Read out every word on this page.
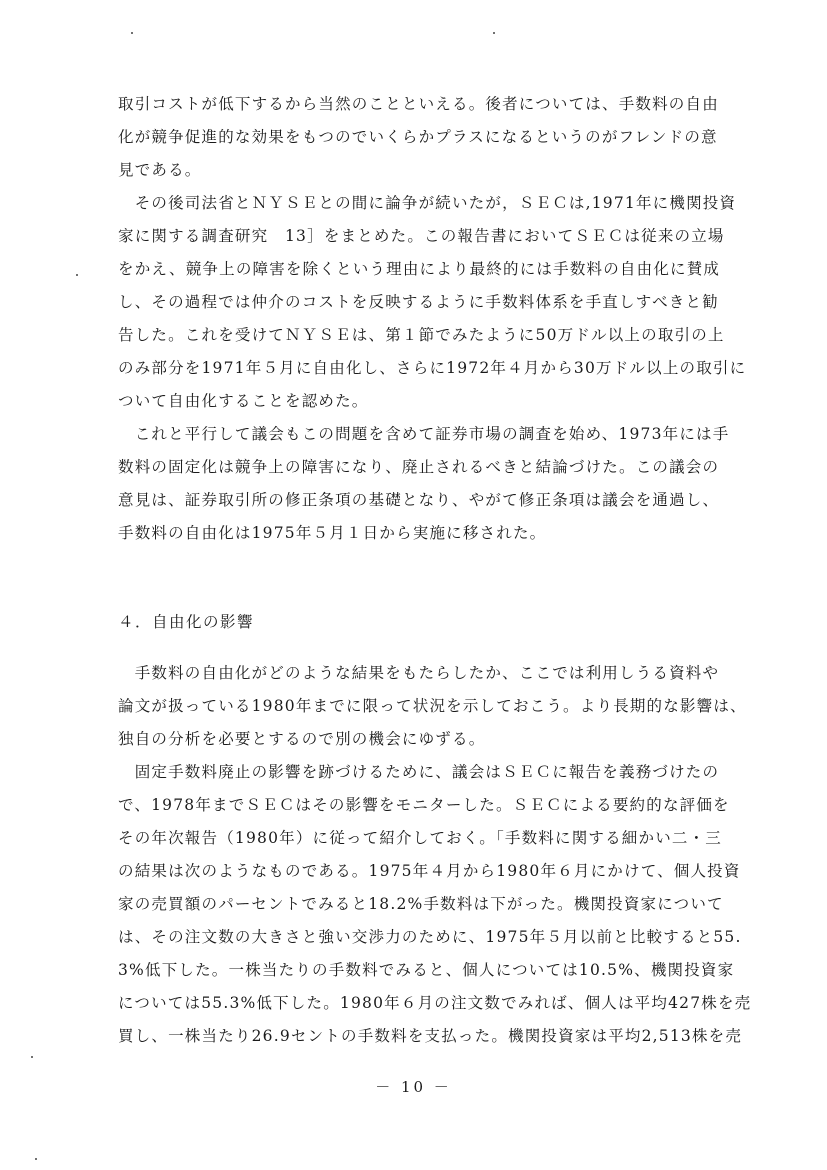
取引コストが低下するから当然のことといえる。後者については、手数料の自由
化が競争促進的な効果をもつのでいくらかプラスになるというのがフレンドの意
見である。
　その後司法省とＮＹＳＥとの間に論争が続いたが，ＳＥＣは,1971年に機関投資
家に関する調査研究　13］をまとめた。この報告書においてＳＥＣは従来の立場
をかえ、競争上の障害を除くという理由により最終的には手数料の自由化に賛成
し、その過程では仲介のコストを反映するように手数料体系を手直しすべきと勧
告した。これを受けてＮＹＳＥは、第１節でみたように50万ドル以上の取引の上
のみ部分を1971年５月に自由化し、さらに1972年４月から30万ドル以上の取引に
ついて自由化することを認めた。
　これと平行して議会もこの問題を含めて証券市場の調査を始め、1973年には手
数料の固定化は競争上の障害になり、廃止されるべきと結論づけた。この議会の
意見は、証券取引所の修正条項の基礎となり、やがて修正条項は議会を通過し、
手数料の自由化は1975年５月１日から実施に移された。
４．自由化の影響
　手数料の自由化がどのような結果をもたらしたか、ここでは利用しうる資料や
論文が扱っている1980年までに限って状況を示しておこう。より長期的な影響は、
独自の分析を必要とするので別の機会にゆずる。
　固定手数料廃止の影響を跡づけるために、議会はＳＥＣに報告を義務づけたの
で、1978年までＳＥＣはその影響をモニターした。ＳＥＣによる要約的な評価を
その年次報告（1980年）に従って紹介しておく。「手数料に関する細かい二・三
の結果は次のようなものである。1975年４月から1980年６月にかけて、個人投資
家の売買額のパーセントでみると18.2%手数料は下がった。機関投資家について
は、その注文数の大きさと強い交渉力のために、1975年５月以前と比較すると55.
3%低下した。一株当たりの手数料でみると、個人については10.5%、機関投資家
については55.3%低下した。1980年６月の注文数でみれば、個人は平均427株を売
買し、一株当たり26.9セントの手数料を支払った。機関投資家は平均2,513株を売
－ 10 －
